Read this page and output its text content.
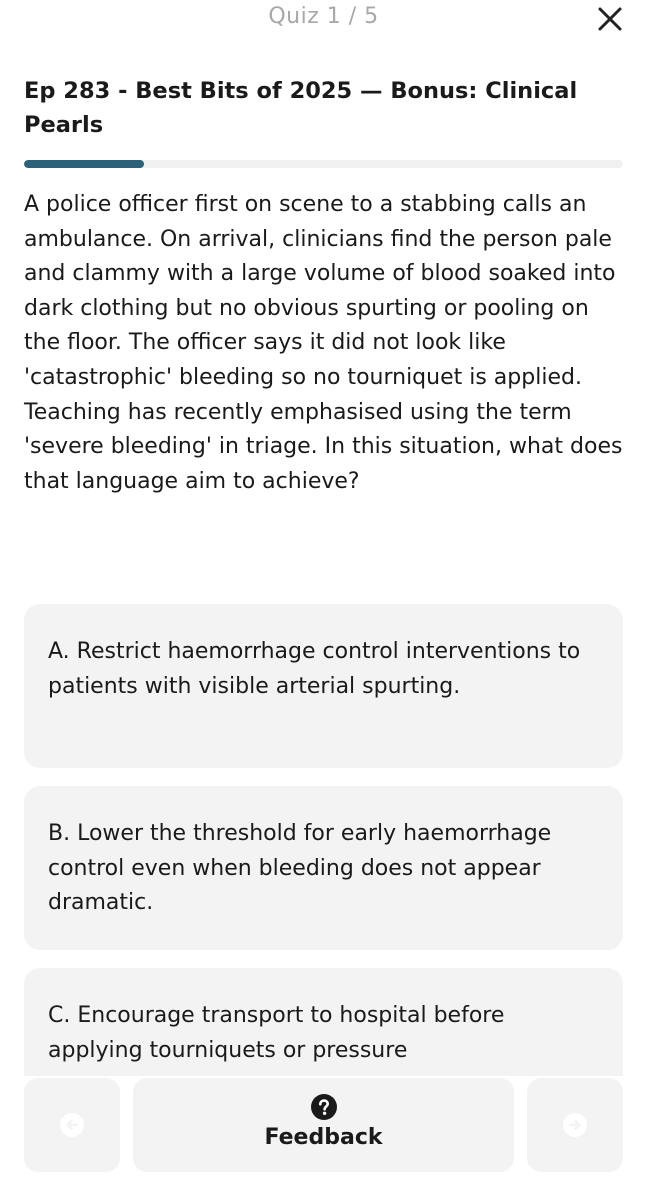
Quiz 1 / 5
Ep 283 - Best Bits of 2025 — Bonus: Clinical Pearls

A police officer first on scene to a stabbing calls an ambulance. On arrival, clinicians find the person pale and clammy with a large volume of blood soaked into dark clothing but no obvious spurting or pooling on the floor. The officer says it did not look like 'catastrophic' bleeding so no tourniquet is applied. Teaching has recently emphasised using the term 'severe bleeding' in triage. In this situation, what does that language aim to achieve?

A. Restrict haemorrhage control interventions to patients with visible arterial spurting.
B. Lower the threshold for early haemorrhage control even when bleeding does not appear dramatic.
C. Encourage transport to hospital before applying tourniquets or pressure
Feedback
